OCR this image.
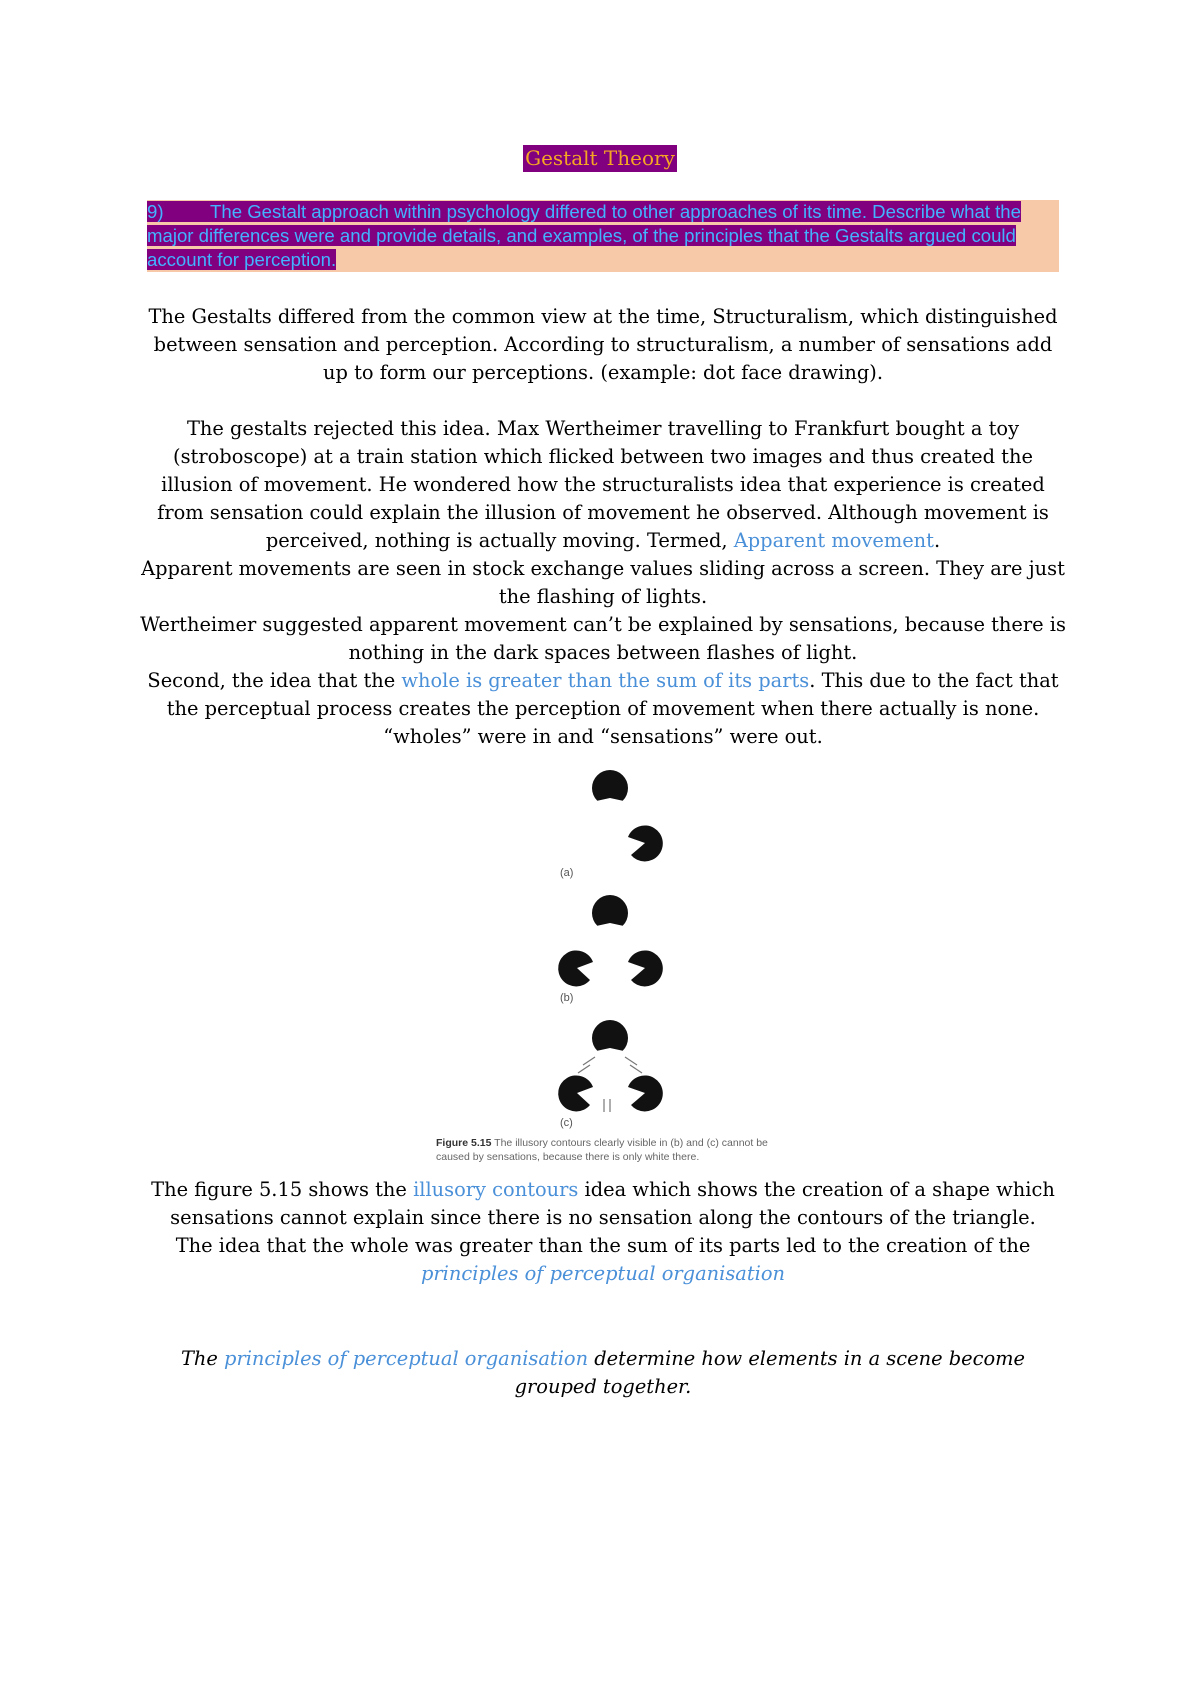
Gestalt Theory
9) The Gestalt approach within psychology differed to other approaches of its time. Describe what the major differences were and provide details, and examples, of the principles that the Gestalts argued could account for perception.

The Gestalts differed from the common view at the time, Structuralism, which distinguished between sensation and perception. According to structuralism, a number of sensations add up to form our perceptions. (example: dot face drawing).

The gestalts rejected this idea. Max Wertheimer travelling to Frankfurt bought a toy (stroboscope) at a train station which flicked between two images and thus created the illusion of movement. He wondered how the structuralists idea that experience is created from sensation could explain the illusion of movement he observed. Although movement is perceived, nothing is actually moving. Termed, Apparent movement.

Apparent movements are seen in stock exchange values sliding across a screen. They are just the flashing of lights.

Wertheimer suggested apparent movement can’t be explained by sensations, because there is nothing in the dark spaces between flashes of light.

Second, the idea that the whole is greater than the sum of its parts. This due to the fact that the perceptual process creates the perception of movement when there actually is none. “wholes” were in and “sensations” were out.

(a)
(b)
(c)
Figure 5.15 The illusory contours clearly visible in (b) and (c) cannot be caused by sensations, because there is only white there.

The figure 5.15 shows the illusory contours idea which shows the creation of a shape which sensations cannot explain since there is no sensation along the contours of the triangle.

The idea that the whole was greater than the sum of its parts led to the creation of the

principles of perceptual organisation

The principles of perceptual organisation determine how elements in a scene become grouped together.
